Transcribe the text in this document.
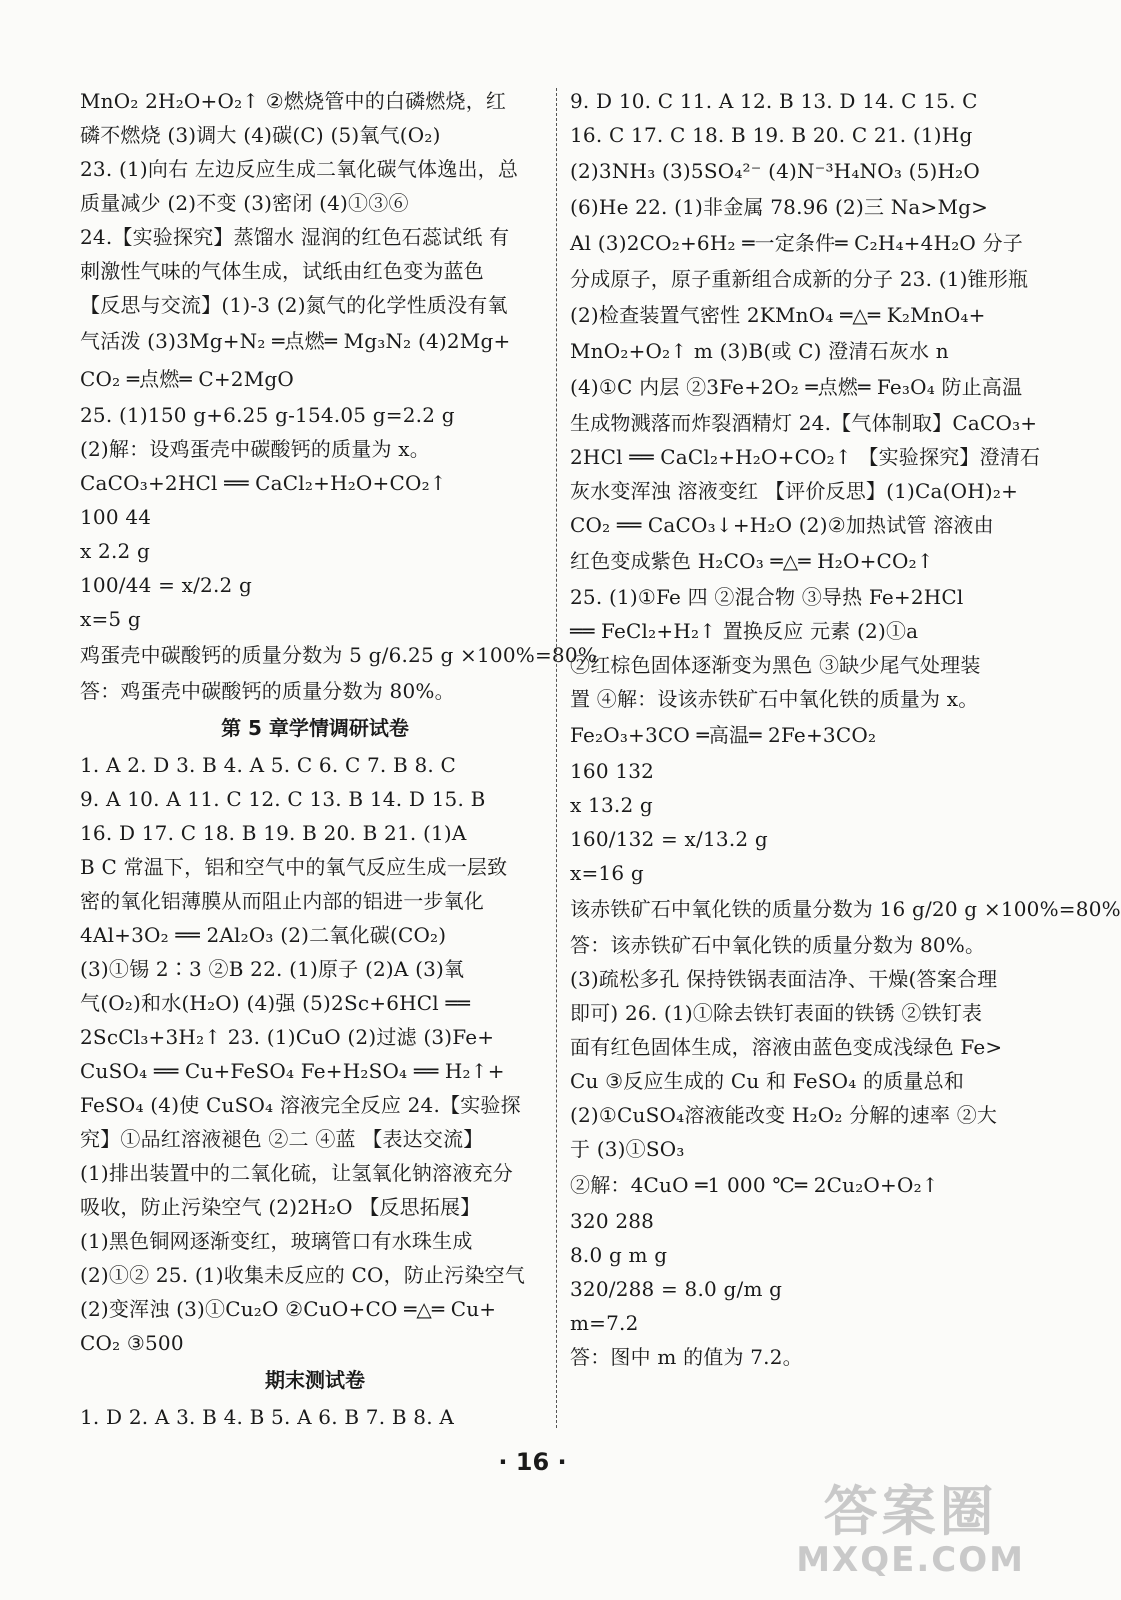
MnO₂ 2H₂O+O₂↑ ②燃烧管中的白磷燃烧，红
磷不燃烧 (3)调大 (4)碳(C) (5)氧气(O₂)
23. (1)向右 左边反应生成二氧化碳气体逸出，总
质量减少 (2)不变 (3)密闭 (4)①③⑥
24.【实验探究】蒸馏水 湿润的红色石蕊试纸 有
刺激性气味的气体生成，试纸由红色变为蓝色
【反思与交流】(1)-3 (2)氮气的化学性质没有氧
气活泼 (3)3Mg+N₂ ═点燃═ Mg₃N₂ (4)2Mg+
CO₂ ═点燃═ C+2MgO
25. (1)150 g+6.25 g-154.05 g=2.2 g
(2)解：设鸡蛋壳中碳酸钙的质量为 x。
CaCO₃+2HCl ══ CaCl₂+H₂O+CO₂↑
100 44
x 2.2 g
100/44 = x/2.2 g
x=5 g
鸡蛋壳中碳酸钙的质量分数为 5 g/6.25 g ×100%=80%
答：鸡蛋壳中碳酸钙的质量分数为 80%。
第 5 章学情调研试卷
1. A 2. D 3. B 4. A 5. C 6. C 7. B 8. C
9. A 10. A 11. C 12. C 13. B 14. D 15. B
16. D 17. C 18. B 19. B 20. B 21. (1)A
B C 常温下，铝和空气中的氧气反应生成一层致
密的氧化铝薄膜从而阻止内部的铝进一步氧化
4Al+3O₂ ══ 2Al₂O₃ (2)二氧化碳(CO₂)
(3)①锡 2∶3 ②B 22. (1)原子 (2)A (3)氧
气(O₂)和水(H₂O) (4)强 (5)2Sc+6HCl ══
2ScCl₃+3H₂↑ 23. (1)CuO (2)过滤 (3)Fe+
CuSO₄ ══ Cu+FeSO₄ Fe+H₂SO₄ ══ H₂↑+
FeSO₄ (4)使 CuSO₄ 溶液完全反应 24.【实验探
究】①品红溶液褪色 ②二 ④蓝 【表达交流】
(1)排出装置中的二氧化硫，让氢氧化钠溶液充分
吸收，防止污染空气 (2)2H₂O 【反思拓展】
(1)黑色铜网逐渐变红，玻璃管口有水珠生成
(2)①② 25. (1)收集未反应的 CO，防止污染空气
(2)变浑浊 (3)①Cu₂O ②CuO+CO ═△═ Cu+
CO₂ ③500
期末测试卷
1. D 2. A 3. B 4. B 5. A 6. B 7. B 8. A
9. D 10. C 11. A 12. B 13. D 14. C 15. C
16. C 17. C 18. B 19. B 20. C 21. (1)Hg
(2)3NH₃ (3)5SO₄²⁻ (4)N⁻³H₄NO₃ (5)H₂O
(6)He 22. (1)非金属 78.96 (2)三 Na>Mg>
Al (3)2CO₂+6H₂ ═一定条件═ C₂H₄+4H₂O 分子
分成原子，原子重新组合成新的分子 23. (1)锥形瓶
(2)检查装置气密性 2KMnO₄ ═△═ K₂MnO₄+
MnO₂+O₂↑ m (3)B(或 C) 澄清石灰水 n
(4)①C 内层 ②3Fe+2O₂ ═点燃═ Fe₃O₄ 防止高温
生成物溅落而炸裂酒精灯 24.【气体制取】CaCO₃+
2HCl ══ CaCl₂+H₂O+CO₂↑ 【实验探究】澄清石
灰水变浑浊 溶液变红 【评价反思】(1)Ca(OH)₂+
CO₂ ══ CaCO₃↓+H₂O (2)②加热试管 溶液由
红色变成紫色 H₂CO₃ ═△═ H₂O+CO₂↑
25. (1)①Fe 四 ②混合物 ③导热 Fe+2HCl
══ FeCl₂+H₂↑ 置换反应 元素 (2)①a
②红棕色固体逐渐变为黑色 ③缺少尾气处理装
置 ④解：设该赤铁矿石中氧化铁的质量为 x。
Fe₂O₃+3CO ═高温═ 2Fe+3CO₂
160 132
x 13.2 g
160/132 = x/13.2 g
x=16 g
该赤铁矿石中氧化铁的质量分数为 16 g/20 g ×100%=80%
答：该赤铁矿石中氧化铁的质量分数为 80%。
(3)疏松多孔 保持铁锅表面洁净、干燥(答案合理
即可) 26. (1)①除去铁钉表面的铁锈 ②铁钉表
面有红色固体生成，溶液由蓝色变成浅绿色 Fe>
Cu ③反应生成的 Cu 和 FeSO₄ 的质量总和
(2)①CuSO₄溶液能改变 H₂O₂ 分解的速率 ②大
于 (3)①SO₃
②解：4CuO ═1 000 ℃═ 2Cu₂O+O₂↑
320 288
8.0 g m g
320/288 = 8.0 g/m g
m=7.2
答：图中 m 的值为 7.2。
· 16 ·
答案圈
MXQE.COM
